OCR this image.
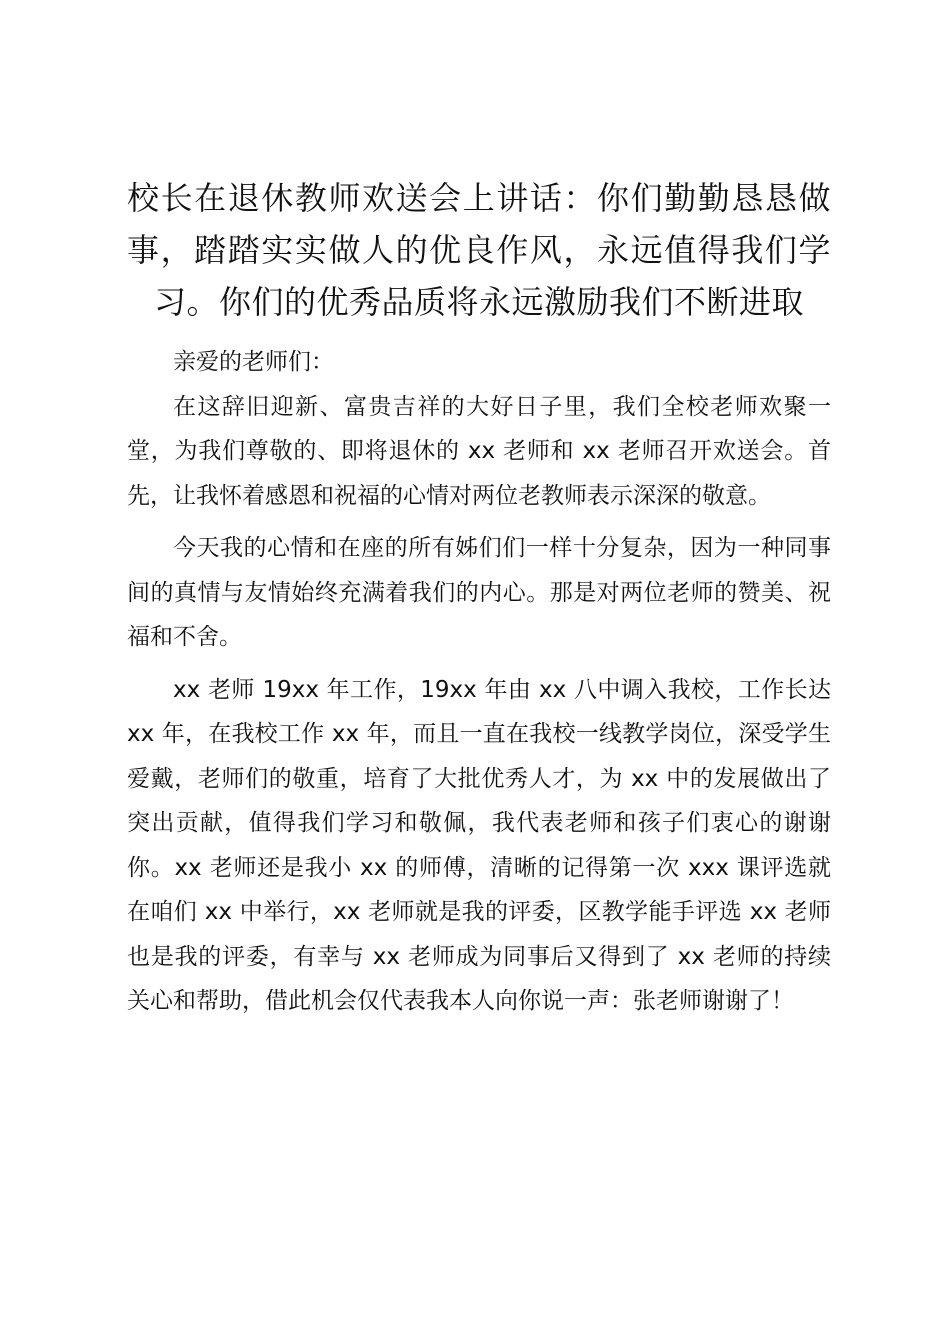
校长在退休教师欢送会上讲话：你们勤勤恳恳做事，踏踏实实做人的优良作风，永远值得我们学习。你们的优秀品质将永远激励我们不断进取

亲爱的老师们：

在这辞旧迎新、富贵吉祥的大好日子里，我们全校老师欢聚一堂，为我们尊敬的、即将退休的 xx 老师和 xx 老师召开欢送会。首先，让我怀着感恩和祝福的心情对两位老教师表示深深的敬意。

今天我的心情和在座的所有姊们们一样十分复杂，因为一种同事间的真情与友情始终充满着我们的内心。那是对两位老师的赞美、祝福和不舍。

xx 老师 19xx 年工作，19xx 年由 xx 八中调入我校，工作长达 xx 年，在我校工作 xx 年，而且一直在我校一线教学岗位，深受学生爱戴，老师们的敬重，培育了大批优秀人才，为 xx 中的发展做出了突出贡献，值得我们学习和敬佩，我代表老师和孩子们衷心的谢谢你。xx 老师还是我小 xx 的师傅，清晰的记得第一次 xxx 课评选就在咱们 xx 中举行，xx 老师就是我的评委，区教学能手评选 xx 老师也是我的评委，有幸与 xx 老师成为同事后又得到了 xx 老师的持续关心和帮助，借此机会仅代表我本人向你说一声：张老师谢谢了！
